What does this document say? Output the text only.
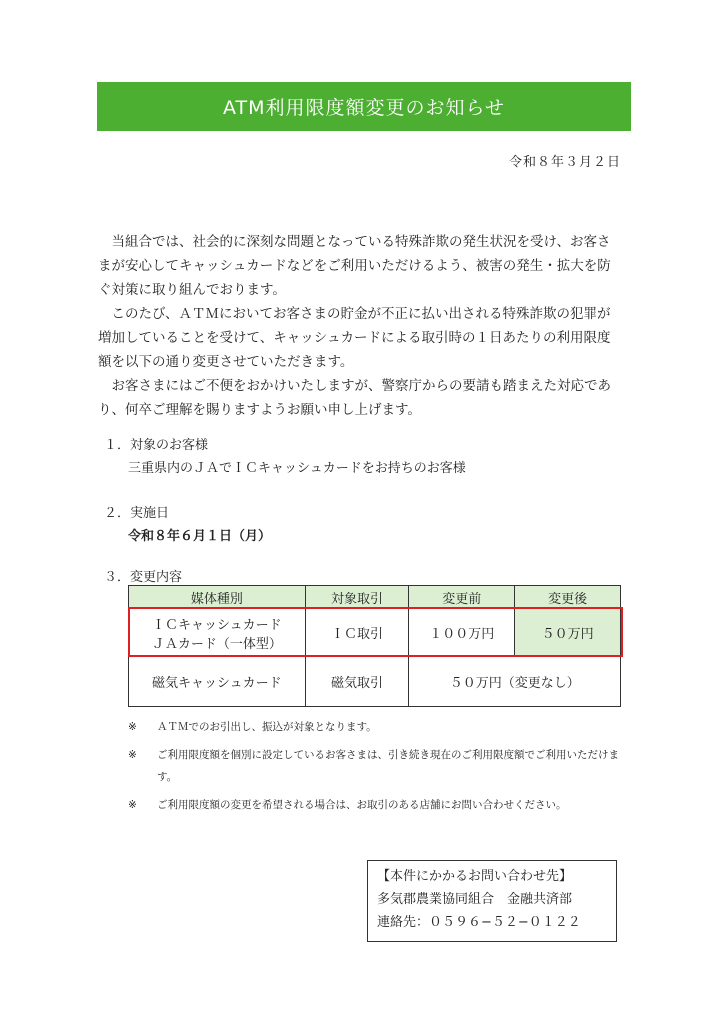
ATM利用限度額変更のお知らせ
令和８年３月２日

当組合では、社会的に深刻な問題となっている特殊詐欺の発生状況を受け、お客さまが安心してキャッシュカードなどをご利用いただけるよう、被害の発生・拡大を防ぐ対策に取り組んでおります。

このたび、ＡＴＭにおいてお客さまの貯金が不正に払い出される特殊詐欺の犯罪が増加していることを受けて、キャッシュカードによる取引時の１日あたりの利用限度額を以下の通り変更させていただきます。

お客さまにはご不便をおかけいたしますが、警察庁からの要請も踏まえた対応であり、何卒ご理解を賜りますようお願い申し上げます。

１．対象のお客様
三重県内のＪＡでＩＣキャッシュカードをお持ちのお客様
２．実施日
令和８年６月１日（月）
３．変更内容
媒体種別	対象取引	変更前	変更後

ＩＣキャッシュカード
ＪＡカード（一体型）	ＩＣ取引	１００万円	５０万円
磁気キャッシュカード	磁気取引	５０万円（変更なし）	
※ ＡＴＭでのお引出し、振込が対象となります。
※ ご利用限度額を個別に設定しているお客さまは、引き続き現在のご利用限度額でご利用いただけます。
※ ご利用限度額の変更を希望される場合は、お取引のある店舗にお問い合わせください。
【本件にかかるお問い合わせ先】
多気郡農業協同組合　金融共済部
連絡先：０５９６−５２−０１２２
